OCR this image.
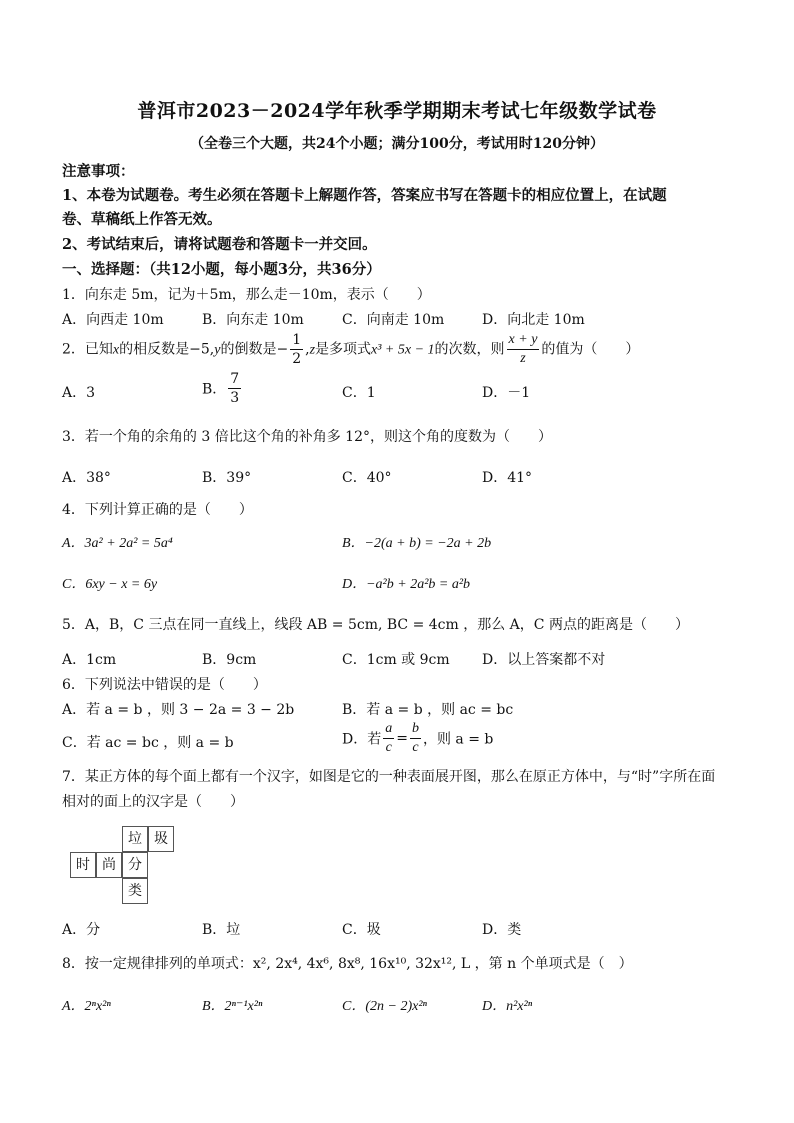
普洱市2023－2024学年秋季学期期末考试七年级数学试卷
（全卷三个大题，共24个小题；满分100分，考试用时120分钟）
注意事项：
1、本卷为试题卷。考生必须在答题卡上解题作答，答案应书写在答题卡的相应位置上，在试题
卷、草稿纸上作答无效。
2、考试结束后，请将试题卷和答题卡一并交回。
一、选择题：（共12小题，每小题3分，共36分）
1．向东走 5m，记为＋5m，那么走－10m，表示（　　）
A．向西走 10m	B．向东走 10m	C．向南走 10m	D．向北走 10m
2．已知x的相反数是−5,y的倒数是− $\frac{1}{2} ,z$是多项式x³ + 5x − 1的次数，则 $\frac{x + y}{z}$ 的值为（　　）
A．3	B． $\frac{7}{3}$	C．1	D．－1
3．若一个角的余角的 3 倍比这个角的补角多 12°，则这个角的度数为（　　）
A．38°	B．39°	C．40°	D．41°
4．下列计算正确的是（　　）
A．3a² + 2a² = 5a⁴	B．−2(a + b) = −2a + 2b
C．6xy − x = 6y	D．−a²b + 2a²b = a²b
5．A，B，C 三点在同一直线上，线段 AB = 5cm, BC = 4cm ，那么 A，C 两点的距离是（　　）
A．1cm	B．9cm	C．1cm 或 9cm D．以上答案都不对
6．下列说法中错误的是（　　）
A．若 a = b ，则 3 − 2a = 3 − 2b	B．若 a = b ，则 ac = bc
C．若 ac = bc ，则 a = b	D．若 $\frac{a}{c} = \frac{b}{c}$ ，则 a = b
7．某正方体的每个面上都有一个汉字，如图是它的一种表面展开图，那么在原正方体中，与“时”字所在面
相对的面上的汉字是（　　）
垃 圾
时 尚 分
类
A．分	B．垃	C．圾	D．类
8．按一定规律排列的单项式：x², 2x⁴, 4x⁶, 8x⁸, 16x¹⁰, 32x¹², L ，第 n 个单项式是（　）
A．2ⁿx²ⁿ	B．2ⁿ⁻¹x²ⁿ	C．(2n − 2)x²ⁿ	D．n²x²ⁿ
